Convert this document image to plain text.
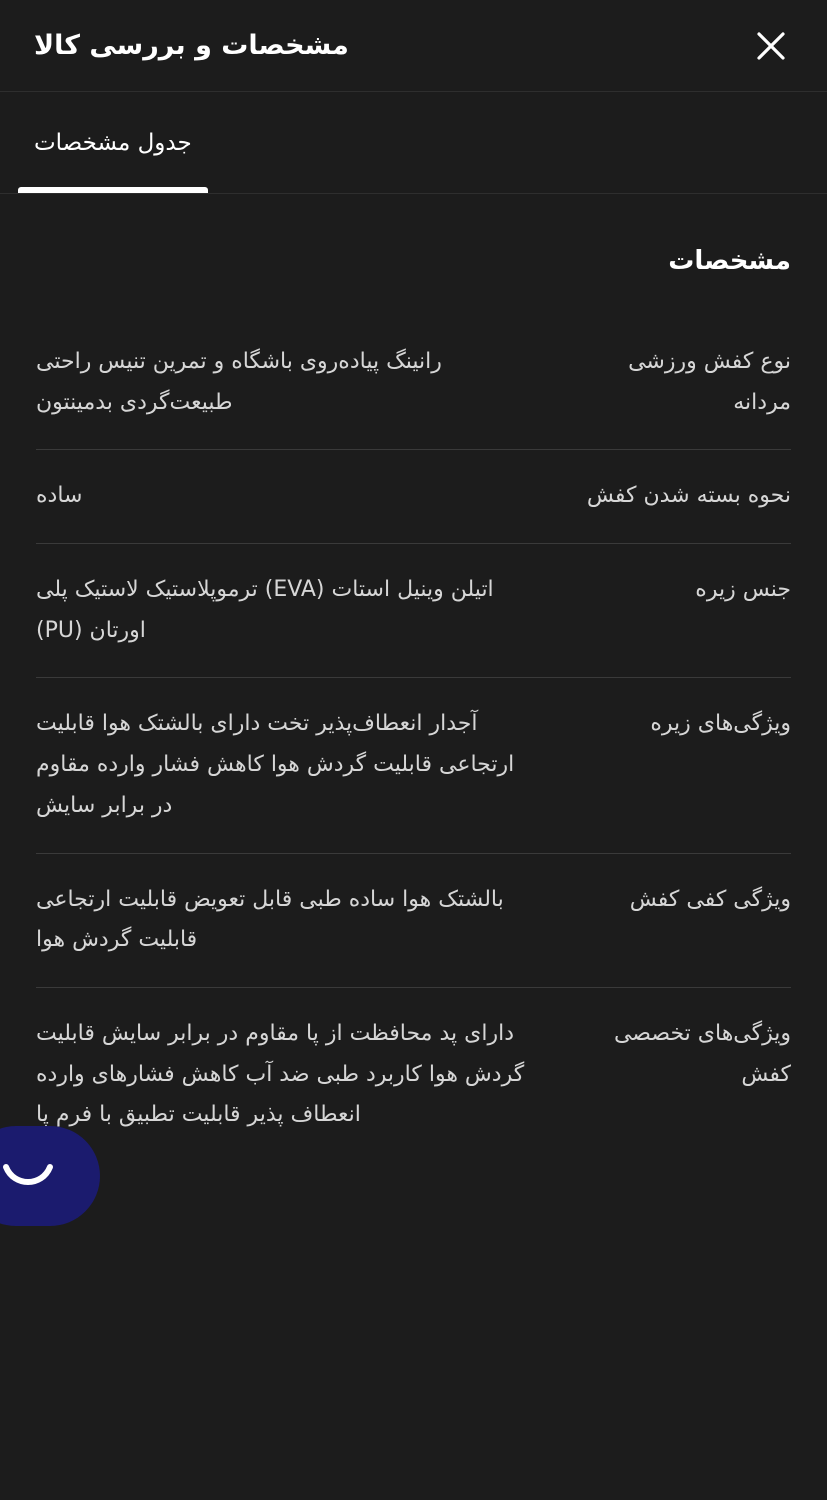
مشخصات و بررسی کالا
جدول مشخصات
مشخصات
نوع کفش ورزشی مردانه	رانینگ پیاده‌روی باشگاه و تمرین تنیس راحتی طبیعت‌گردی بدمینتون
نحوه بسته شدن کفش	ساده
جنس زیره	اتیلن وینیل استات (EVA) ترموپلاستیک لاستیک پلی اورتان (PU)
ویژگی‌های زیره	آجدار انعطاف‌پذیر تخت دارای بالشتک هوا قابلیت ارتجاعی قابلیت گردش هوا کاهش فشار وارده مقاوم در برابر سایش
ویژگی کفی کفش	بالشتک هوا ساده طبی قابل تعویض قابلیت ارتجاعی قابلیت گردش هوا
ویژگی‌های تخصصی کفش	دارای پد محافظت از پا مقاوم در برابر سایش قابلیت گردش هوا کاربرد طبی ضد آب کاهش فشارهای وارده انعطاف پذیر قابلیت تطبیق با فرم پا
